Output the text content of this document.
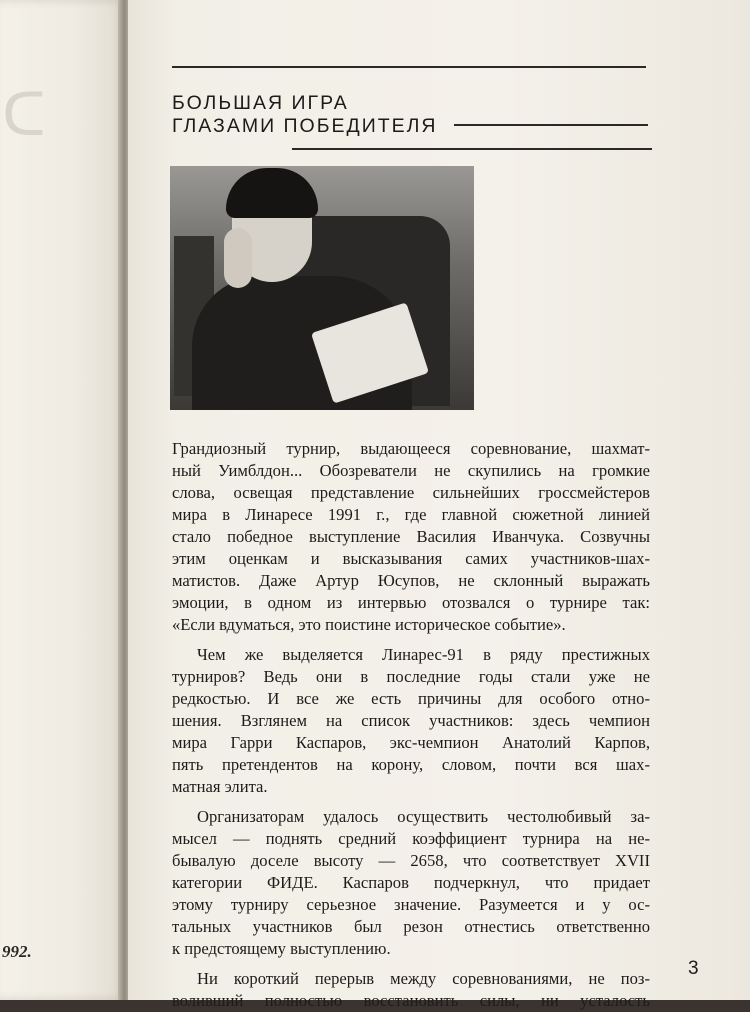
ᑕ
992.
БОЛЬШАЯ ИГРА
ГЛАЗАМИ ПОБЕДИТЕЛЯ

Грандиозный турнир, выдающееся соревнование, шахмат-

ный Уимблдон... Обозреватели не скупились на громкие

слова, освещая представление сильнейших гроссмейстеров

мира в Линаресе 1991 г., где главной сюжетной линией

стало победное выступление Василия Иванчука. Созвучны

этим оценкам и высказывания самих участников-шах-

матистов. Даже Артур Юсупов, не склонный выражать

эмоции, в одном из интервью отозвался о турнире так:

«Если вдуматься, это поистине историческое событие».

Чем же выделяется Линарес-91 в ряду престижных

турниров? Ведь они в последние годы стали уже не

редкостью. И все же есть причины для особого отно-

шения. Взглянем на список участников: здесь чемпион

мира Гарри Каспаров, экс-чемпион Анатолий Карпов,

пять претендентов на корону, словом, почти вся шах-

матная элита.

Организаторам удалось осуществить честолюбивый за-

мысел — поднять средний коэффициент турнира на не-

бывалую доселе высоту — 2658, что соответствует XVII

категории ФИДЕ. Каспаров подчеркнул, что придает

этому турниру серьезное значение. Разумеется и у ос-

тальных участников был резон отнестись ответственно

к предстоящему выступлению.

Ни короткий перерыв между соревнованиями, не поз-

воливший полностью восстановить силы, ни усталость

3
